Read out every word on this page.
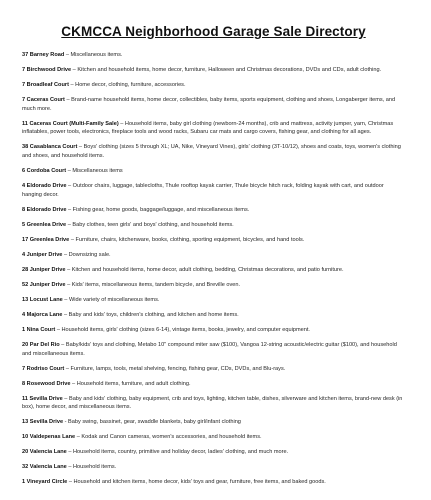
CKMCCA Neighborhood Garage Sale Directory
37 Barney Road – Miscellaneous items.
7 Birchwood Drive – Kitchen and household items, home decor, furniture, Halloween and Christmas decorations, DVDs and CDs, adult clothing.
7 Broadleaf Court – Home decor, clothing, furniture, accessories.
7 Caceras Court – Brand-name household items, home decor, collectibles, baby items, sports equipment, clothing and shoes, Longaberger items, and much more.
11 Caceras Court (Multi-Family Sale) – Household items, baby girl clothing (newborn-24 months), crib and mattress, activity jumper, yarn, Christmas inflatables, power tools, electronics, fireplace tools and wood racks, Subaru car mats and cargo covers, fishing gear, and clothing for all ages.
38 Casablanca Court – Boys' clothing (sizes 5 through XL; UA, Nike, Vineyard Vines), girls' clothing (3T-10/12), shoes and coats, toys, women's clothing and shoes, and household items.
6 Cordoba Court – Miscellaneous items
4 Eldorado Drive – Outdoor chairs, luggage, tablecloths, Thule rooftop kayak carrier, Thule bicycle hitch rack, folding kayak with cart, and outdoor hanging decor.
8 Eldorado Drive – Fishing gear, home goods, baggage/luggage, and miscellaneous items.
5 Greenlea Drive – Baby clothes, teen girls' and boys' clothing, and household items.
17 Greenlea Drive – Furniture, chairs, kitchenware, books, clothing, sporting equipment, bicycles, and hand tools.
4 Juniper Drive – Downsizing sale.
28 Juniper Drive – Kitchen and household items, home decor, adult clothing, bedding, Christmas decorations, and patio furniture.
52 Juniper Drive – Kids' items, miscellaneous items, tandem bicycle, and Breville oven.
13 Locust Lane – Wide variety of miscellaneous items.
4 Majorca Lane – Baby and kids' toys, children's clothing, and kitchen and home items.
1 Nina Court – Household items, girls' clothing (sizes 6-14), vintage items, books, jewelry, and computer equipment.
20 Par Del Rio – Baby/kids' toys and clothing, Metabo 10" compound miter saw ($100), Vangoa 12-string acoustic/electric guitar ($100), and household and miscellaneous items.
7 Rodriso Court – Furniture, lamps, tools, metal shelving, fencing, fishing gear, CDs, DVDs, and Blu-rays.
8 Rosewood Drive – Household items, furniture, and adult clothing.
11 Sevilla Drive – Baby and kids' clothing, baby equipment, crib and toys, lighting, kitchen table, dishes, silverware and kitchen items, brand-new desk (in box), home decor, and miscellaneous items.
13 Sevilla Drive - Baby swing, bassinet, gear, swaddle blankets, baby girl/infant clothing
10 Valdepenas Lane – Kodak and Canon cameras, women's accessories, and household items.
20 Valencia Lane – Household items, country, primitive and holiday decor, ladies' clothing, and much more.
32 Valencia Lane – Household items.
1 Vineyard Circle – Household and kitchen items, home decor, kids' toys and gear, furniture, free items, and baked goods.
